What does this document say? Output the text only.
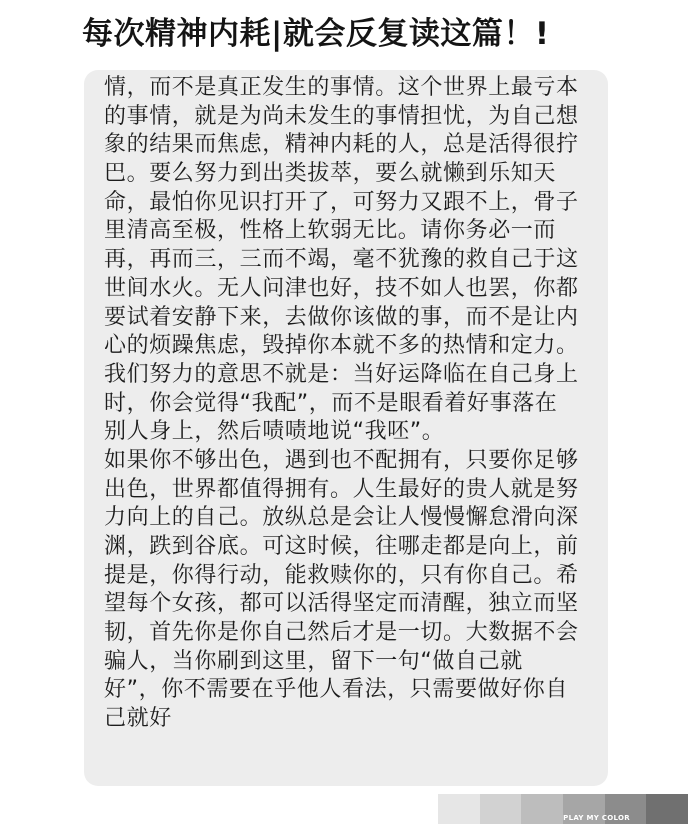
每次精神内耗|就会反复读这篇！!
情，而不是真正发生的事情。这个世界上最亏本
的事情，就是为尚未发生的事情担忧，为自己想
象的结果而焦虑，精神内耗的人，总是活得很拧
巴。要么努力到出类拔萃，要么就懒到乐知天
命，最怕你见识打开了，可努力又跟不上，骨子
里清高至极，性格上软弱无比。请你务必一而
再，再而三，三而不竭，毫不犹豫的救自己于这
世间水火。无人问津也好，技不如人也罢，你都
要试着安静下来，去做你该做的事，而不是让内
心的烦躁焦虑，毁掉你本就不多的热情和定力。
我们努力的意思不就是：当好运降临在自己身上
时，你会觉得“我配”，而不是眼看着好事落在
别人身上，然后啧啧地说“我呸”。
如果你不够出色，遇到也不配拥有，只要你足够
出色，世界都值得拥有。人生最好的贵人就是努
力向上的自己。放纵总是会让人慢慢懈怠滑向深
渊，跌到谷底。可这时候，往哪走都是向上，前
提是，你得行动，能救赎你的，只有你自己。希
望每个女孩，都可以活得坚定而清醒，独立而坚
韧，首先你是你自己然后才是一切。大数据不会
骗人，当你刷到这里，留下一句“做自己就
好”，你不需要在乎他人看法，只需要做好你自
己就好
PLAY MY COLOR
